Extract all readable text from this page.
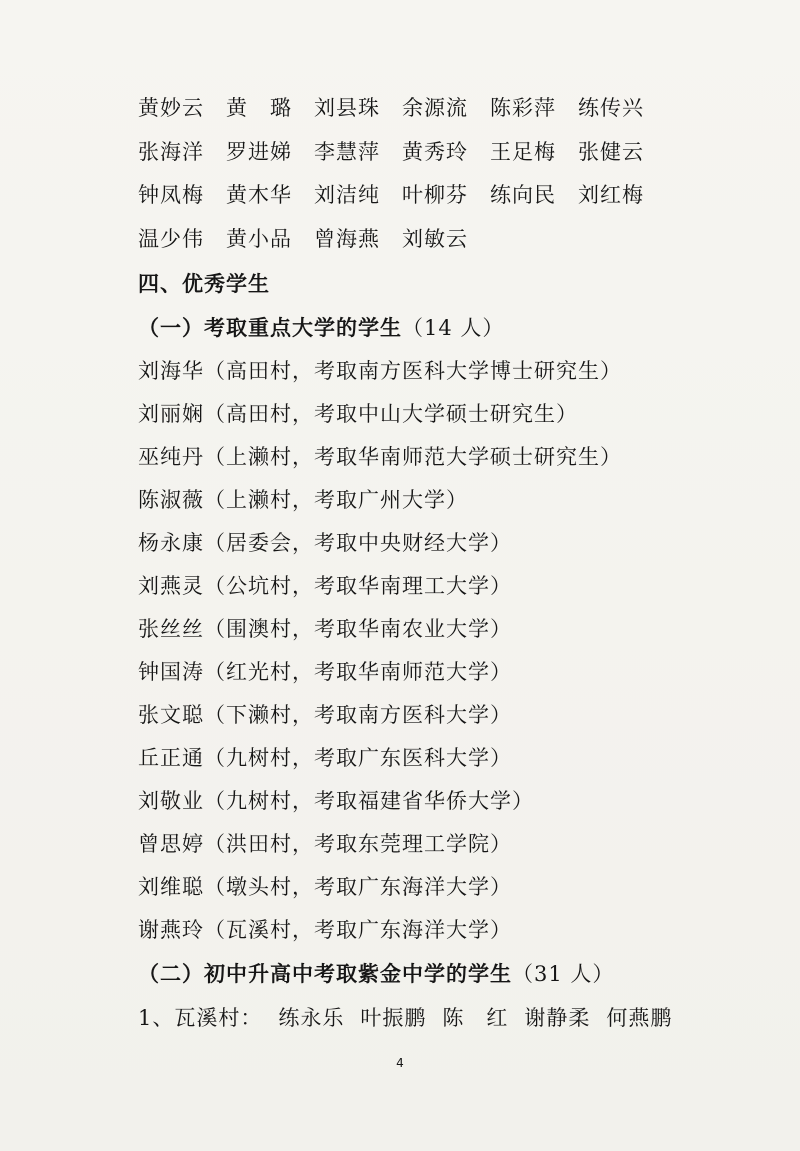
黄妙云	黄　璐	刘县珠	余源流	陈彩萍	练传兴
张海洋	罗进娣	李慧萍	黄秀玲	王足梅	张健云
钟凤梅	黄木华	刘洁纯	叶柳芬	练向民	刘红梅
温少伟	黄小品	曾海燕	刘敏云
四、优秀学生
（一）考取重点大学的学生（14 人）
刘海华（高田村，考取南方医科大学博士研究生）
刘丽娴（高田村，考取中山大学硕士研究生）
巫纯丹（上濑村，考取华南师范大学硕士研究生）
陈淑薇（上濑村，考取广州大学）
杨永康（居委会，考取中央财经大学）
刘燕灵（公坑村，考取华南理工大学）
张丝丝（围澳村，考取华南农业大学）
钟国涛（红光村，考取华南师范大学）
张文聪（下濑村，考取南方医科大学）
丘正通（九树村，考取广东医科大学）
刘敬业（九树村，考取福建省华侨大学）
曾思婷（洪田村，考取东莞理工学院）
刘维聪（墩头村，考取广东海洋大学）
谢燕玲（瓦溪村，考取广东海洋大学）
（二）初中升高中考取紫金中学的学生（31 人）
1、瓦溪村： 练永乐 叶振鹏 陈　红 谢静柔 何燕鹏
4
